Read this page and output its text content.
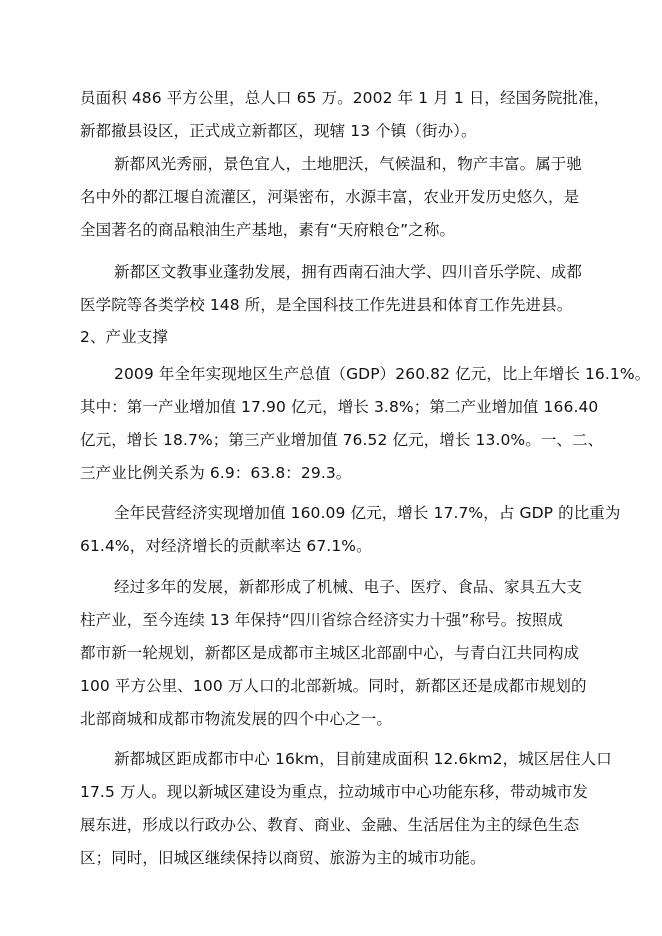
员面积 486 平方公里，总人口 65 万。2002 年 1 月 1 日，经国务院批准，
新都撤县设区，正式成立新都区，现辖 13 个镇（街办）。
新都风光秀丽，景色宜人，土地肥沃，气候温和，物产丰富。属于驰
名中外的都江堰自流灌区，河渠密布，水源丰富，农业开发历史悠久，是
全国著名的商品粮油生产基地，素有“天府粮仓”之称。
新都区文教事业蓬勃发展，拥有西南石油大学、四川音乐学院、成都
医学院等各类学校 148 所，是全国科技工作先进县和体育工作先进县。
2、产业支撑
2009 年全年实现地区生产总值（GDP）260.82 亿元，比上年增长 16.1%。
其中：第一产业增加值 17.90 亿元，增长 3.8%；第二产业增加值 166.40
亿元，增长 18.7%；第三产业增加值 76.52 亿元，增长 13.0%。一、二、
三产业比例关系为 6.9：63.8：29.3。
全年民营经济实现增加值 160.09 亿元，增长 17.7%，占 GDP 的比重为
61.4%，对经济增长的贡献率达 67.1%。
经过多年的发展，新都形成了机械、电子、医疗、食品、家具五大支
柱产业，至今连续 13 年保持“四川省综合经济实力十强”称号。按照成
都市新一轮规划，新都区是成都市主城区北部副中心，与青白江共同构成
100 平方公里、100 万人口的北部新城。同时，新都区还是成都市规划的
北部商城和成都市物流发展的四个中心之一。
新都城区距成都市中心 16km，目前建成面积 12.6km2，城区居住人口
17.5 万人。现以新城区建设为重点，拉动城市中心功能东移，带动城市发
展东进，形成以行政办公、教育、商业、金融、生活居住为主的绿色生态
区；同时，旧城区继续保持以商贸、旅游为主的城市功能。
